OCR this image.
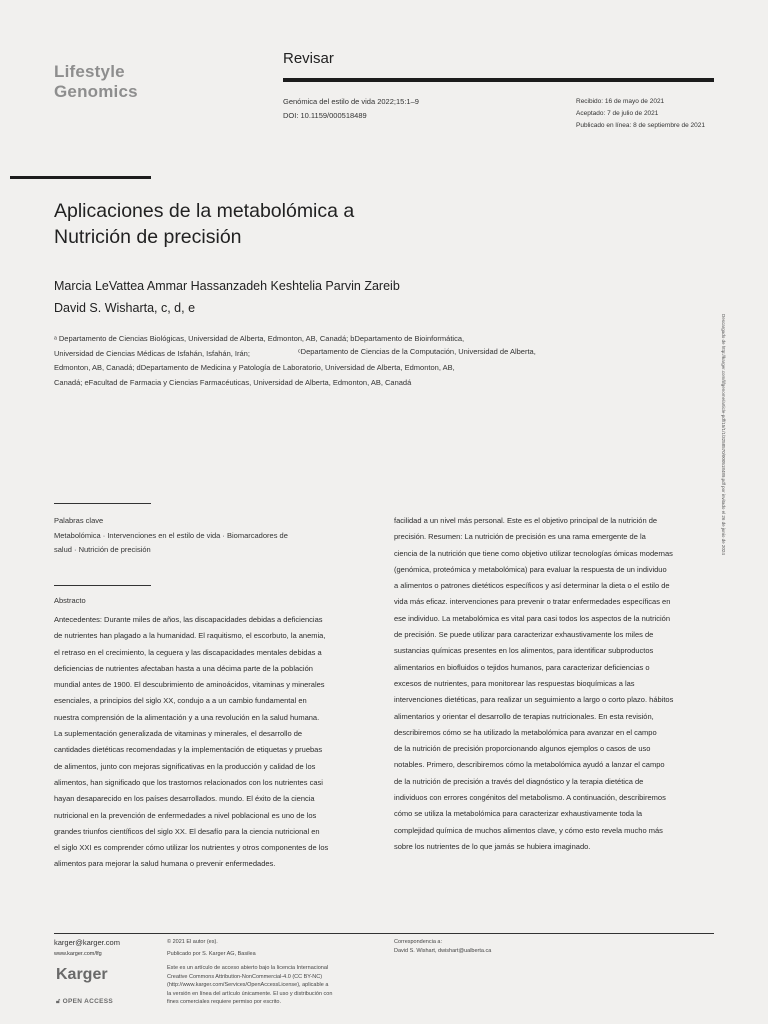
Lifestyle
Genomics
Revisar
Genómica del estilo de vida 2022;15:1–9
DOI: 10.1159/000518489
Recibido: 16 de mayo de 2021
Aceptado: 7 de julio de 2021
Publicado en línea: 8 de septiembre de 2021
Aplicaciones de la metabolómica a
Nutrición de precisión
Marcia LeVattea Ammar Hassanzadeh Keshtelia Parvin Zareib
David S. Wisharta, c, d, e
ᵃ Departamento de Ciencias Biológicas, Universidad de Alberta, Edmonton, AB, Canadá; bDepartamento de Bioinformática,
Universidad de Ciencias Médicas de Isfahán, Isfahán, Irán;	ᶜDepartamento de Ciencias de la Computación, Universidad de Alberta,
Edmonton, AB, Canadá; dDepartamento de Medicina y Patología de Laboratorio, Universidad de Alberta, Edmonton, AB,
Canadá; eFacultad de Farmacia y Ciencias Farmacéuticas, Universidad de Alberta, Edmonton, AB, Canadá	Descargado de http://karger.com/lifgenome/article-pdf/15/1/1/3258570/000518489.pdf por invitado el 26 de junio de 2024
Palabras clave
Metabolómica · Intervenciones en el estilo de vida · Biomarcadores de
salud · Nutrición de precisión
Abstracto
Antecedentes: Durante miles de años, las discapacidades debidas a deficiencias
de nutrientes han plagado a la humanidad. El raquitismo, el escorbuto, la anemia,
el retraso en el crecimiento, la ceguera y las discapacidades mentales debidas a
deficiencias de nutrientes afectaban hasta a una décima parte de la población
mundial antes de 1900. El descubrimiento de aminoácidos, vitaminas y minerales
esenciales, a principios del siglo XX, condujo a a un cambio fundamental en
nuestra comprensión de la alimentación y a una revolución en la salud humana.
La suplementación generalizada de vitaminas y minerales, el desarrollo de
cantidades dietéticas recomendadas y la implementación de etiquetas y pruebas
de alimentos, junto con mejoras significativas en la producción y calidad de los
alimentos, han significado que los trastornos relacionados con los nutrientes casi
hayan desaparecido en los países desarrollados. mundo. El éxito de la ciencia
nutricional en la prevención de enfermedades a nivel poblacional es uno de los
grandes triunfos científicos del siglo XX. El desafío para la ciencia nutricional en
el siglo XXI es comprender cómo utilizar los nutrientes y otros componentes de los
alimentos para mejorar la salud humana o prevenir enfermedades.
facilidad a un nivel más personal. Este es el objetivo principal de la nutrición de
precisión. Resumen: La nutrición de precisión es una rama emergente de la
ciencia de la nutrición que tiene como objetivo utilizar tecnologías ómicas modernas
(genómica, proteómica y metabolómica) para evaluar la respuesta de un individuo
a alimentos o patrones dietéticos específicos y así determinar la dieta o el estilo de
vida más eficaz. intervenciones para prevenir o tratar enfermedades específicas en
ese individuo. La metabolómica es vital para casi todos los aspectos de la nutrición
de precisión. Se puede utilizar para caracterizar exhaustivamente los miles de
sustancias químicas presentes en los alimentos, para identificar subproductos
alimentarios en biofluidos o tejidos humanos, para caracterizar deficiencias o
excesos de nutrientes, para monitorear las respuestas bioquímicas a las
intervenciones dietéticas, para realizar un seguimiento a largo o corto plazo. hábitos
alimentarios y orientar el desarrollo de terapias nutricionales. En esta revisión,
describiremos cómo se ha utilizado la metabolómica para avanzar en el campo
de la nutrición de precisión proporcionando algunos ejemplos o casos de uso
notables. Primero, describiremos cómo la metabolómica ayudó a lanzar el campo
de la nutrición de precisión a través del diagnóstico y la terapia dietética de
individuos con errores congénitos del metabolismo. A continuación, describiremos
cómo se utiliza la metabolómica para caracterizar exhaustivamente toda la
complejidad química de muchos alimentos clave, y cómo esto revela mucho más
sobre los nutrientes de lo que jamás se hubiera imaginado.
karger@karger.com
www.karger.com/lfg
Karger
🔓︎ OPEN ACCESS
© 2021 El autor (es).
Publicado por S. Karger AG, Basilea
Este es un artículo de acceso abierto bajo la licencia Internacional
Creative Commons Attribution-NonCommercial-4.0 (CC BY-NC)
(http://www.karger.com/Services/OpenAccessLicense), aplicable a
la versión en línea del artículo únicamente. El uso y distribución con
fines comerciales requiere permiso por escrito.
Correspondencia a:
David S. Wishart, dwishart@ualberta.ca
